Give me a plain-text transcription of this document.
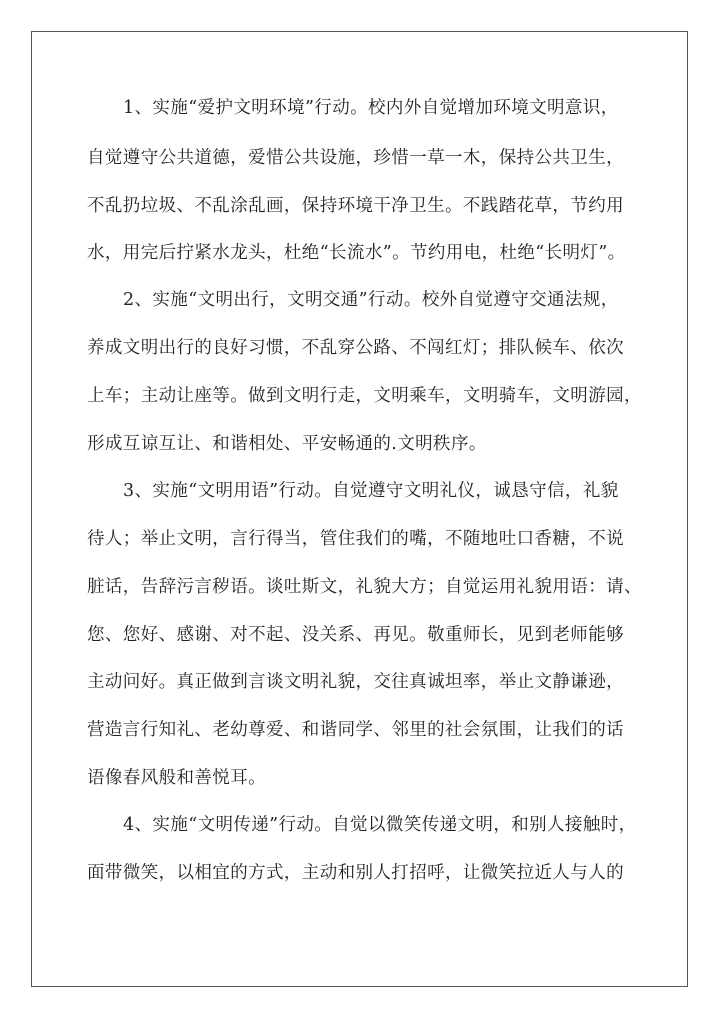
1、实施“爱护文明环境”行动。校内外自觉增加环境文明意识，
自觉遵守公共道德，爱惜公共设施，珍惜一草一木，保持公共卫生，
不乱扔垃圾、不乱涂乱画，保持环境干净卫生。不践踏花草，节约用
水，用完后拧紧水龙头，杜绝“长流水”。节约用电，杜绝“长明灯”。
2、实施“文明出行，文明交通”行动。校外自觉遵守交通法规，
养成文明出行的良好习惯，不乱穿公路、不闯红灯；排队候车、依次
上车；主动让座等。做到文明行走，文明乘车，文明骑车，文明游园，
形成互谅互让、和谐相处、平安畅通的.文明秩序。
3、实施“文明用语”行动。自觉遵守文明礼仪，诚恳守信，礼貌
待人；举止文明，言行得当，管住我们的嘴，不随地吐口香糖，不说
脏话，告辞污言秽语。谈吐斯文，礼貌大方；自觉运用礼貌用语：请、
您、您好、感谢、对不起、没关系、再见。敬重师长，见到老师能够
主动问好。真正做到言谈文明礼貌，交往真诚坦率，举止文静谦逊，
营造言行知礼、老幼尊爱、和谐同学、邻里的社会氛围，让我们的话
语像春风般和善悦耳。
4、实施“文明传递”行动。自觉以微笑传递文明，和别人接触时，
面带微笑，以相宜的方式，主动和别人打招呼，让微笑拉近人与人的
